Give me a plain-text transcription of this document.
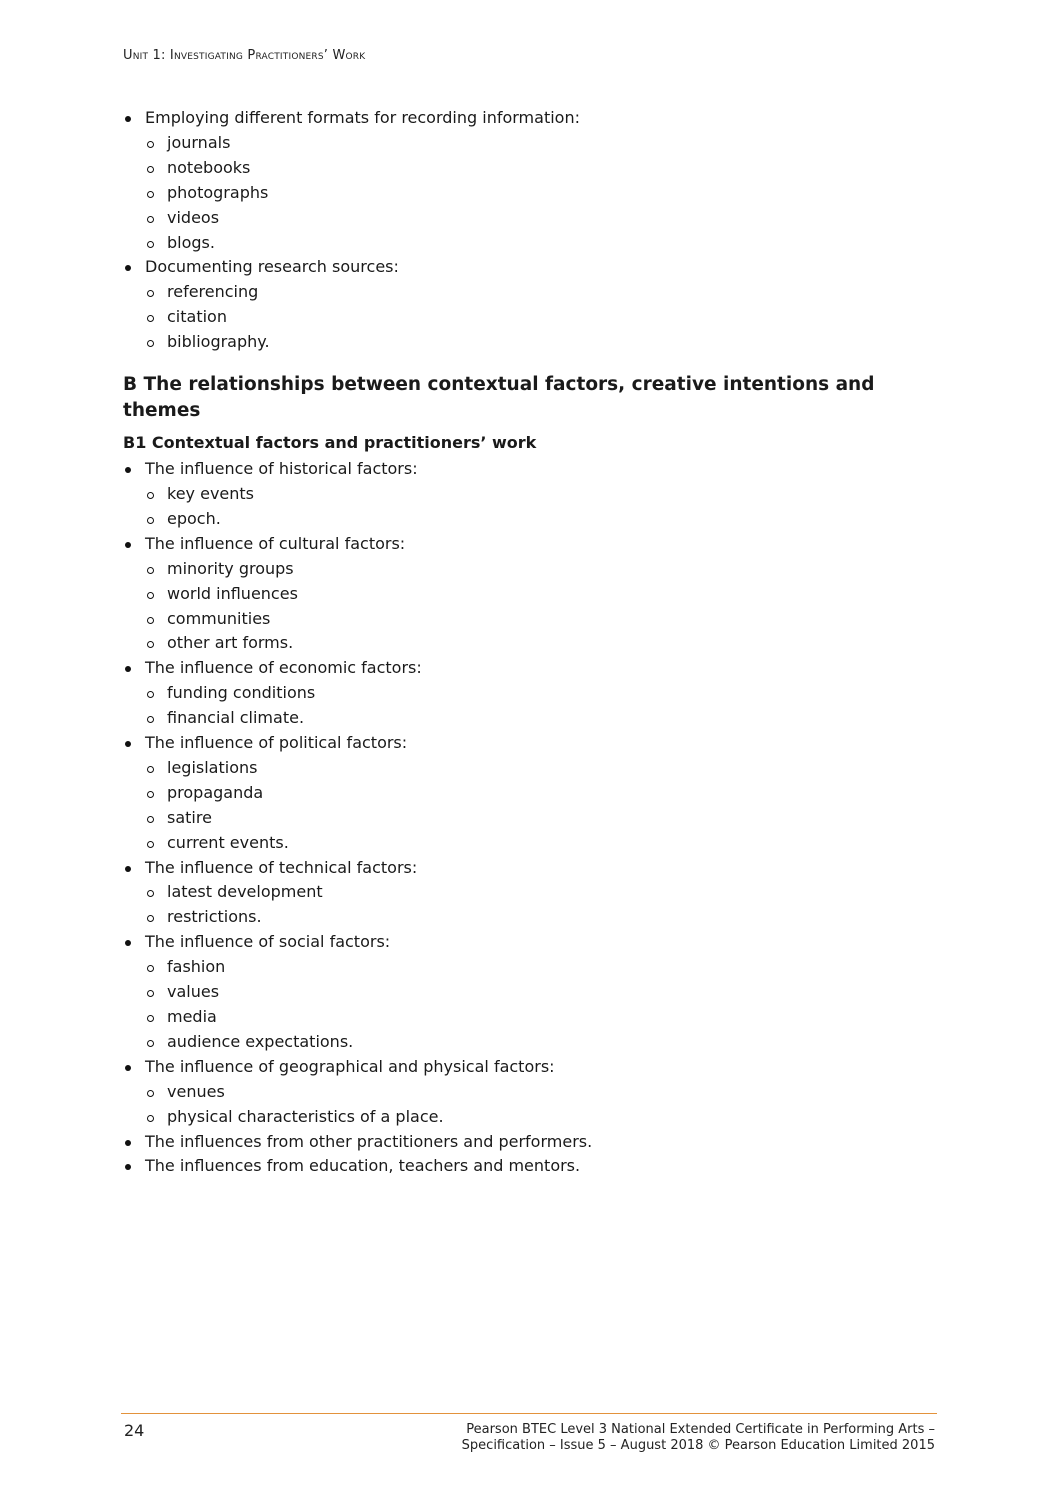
Unit 1: Investigating Practitioners’ Work
Employing different formats for recording information:
journals
notebooks
photographs
videos
blogs.
Documenting research sources:
referencing
citation
bibliography.
B The relationships between contextual factors, creative intentions and themes
B1 Contextual factors and practitioners’ work
The influence of historical factors:
key events
epoch.
The influence of cultural factors:
minority groups
world influences
communities
other art forms.
The influence of economic factors:
funding conditions
financial climate.
The influence of political factors:
legislations
propaganda
satire
current events.
The influence of technical factors:
latest development
restrictions.
The influence of social factors:
fashion
values
media
audience expectations.
The influence of geographical and physical factors:
venues
physical characteristics of a place.
The influences from other practitioners and performers.
The influences from education, teachers and mentors.
24	Pearson BTEC Level 3 National Extended Certificate in Performing Arts –
Specification – Issue 5 – August 2018 © Pearson Education Limited 2015
